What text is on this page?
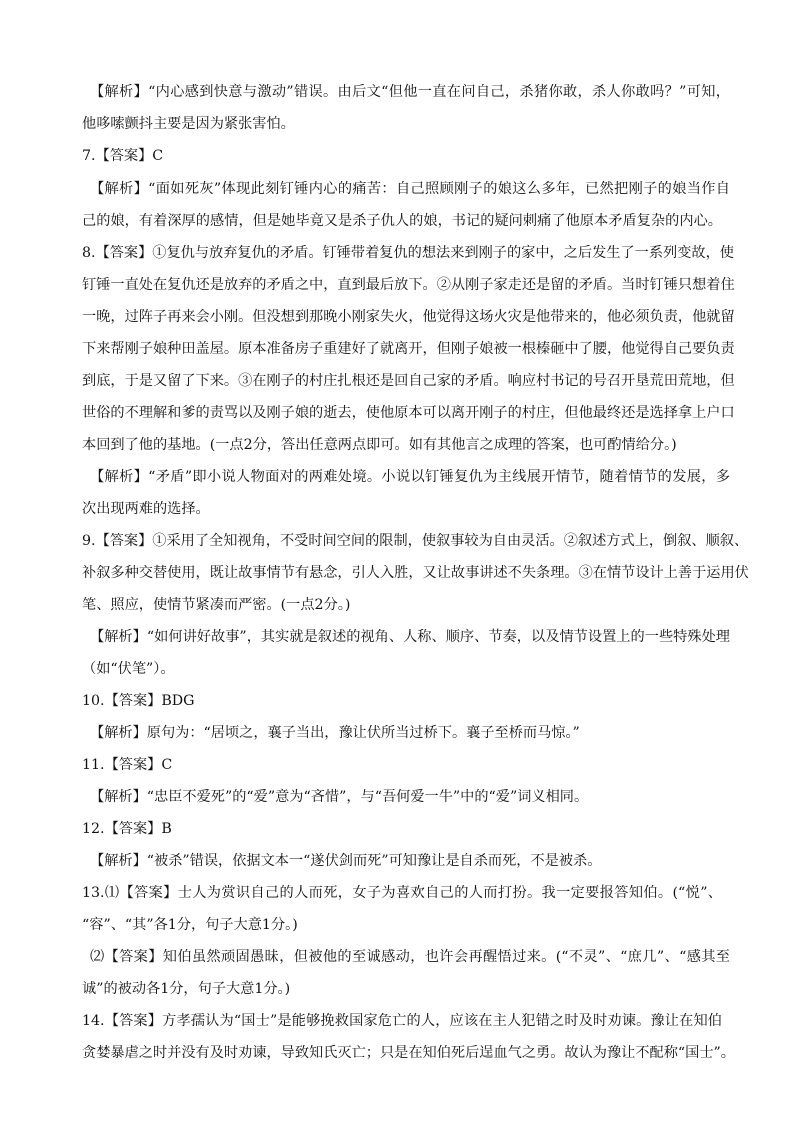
【解析】“内心感到快意与激动”错误。由后文“但他一直在问自己，杀猪你敢，杀人你敢吗？”可知，
他哆嗦颤抖主要是因为紧张害怕。
7.【答案】C
【解析】“面如死灰”体现此刻钉锤内心的痛苦：自己照顾刚子的娘这么多年，已然把刚子的娘当作自
己的娘，有着深厚的感情，但是她毕竟又是杀子仇人的娘，书记的疑问刺痛了他原本矛盾复杂的内心。
8.【答案】①复仇与放弃复仇的矛盾。钉锤带着复仇的想法来到刚子的家中，之后发生了一系列变故，使
钉锤一直处在复仇还是放弃的矛盾之中，直到最后放下。②从刚子家走还是留的矛盾。当时钉锤只想着住
一晚，过阵子再来会小刚。但没想到那晚小刚家失火，他觉得这场火灾是他带来的，他必须负责，他就留
下来帮刚子娘种田盖屋。原本准备房子重建好了就离开，但刚子娘被一根榛砸中了腰，他觉得自己要负责
到底，于是又留了下来。③在刚子的村庄扎根还是回自己家的矛盾。响应村书记的号召开垦荒田荒地，但
世俗的不理解和爹的责骂以及刚子娘的逝去，使他原本可以离开刚子的村庄，但他最终还是选择拿上户口
本回到了他的基地。(一点2分，答出任意两点即可。如有其他言之成理的答案，也可酌情给分。)
【解析】“矛盾”即小说人物面对的两难处境。小说以钉锤复仇为主线展开情节，随着情节的发展，多
次出现两难的选择。
9.【答案】①采用了全知视角，不受时间空间的限制，使叙事较为自由灵活。②叙述方式上，倒叙、顺叙、
补叙多种交替使用，既让故事情节有悬念，引人入胜，又让故事讲述不失条理。③在情节设计上善于运用伏
笔、照应，使情节紧凑而严密。(一点2分。)
【解析】“如何讲好故事”，其实就是叙述的视角、人称、顺序、节奏，以及情节设置上的一些特殊处理
（如“伏笔”）。
10.【答案】BDG
【解析】原句为：“居顷之，襄子当出，豫让伏所当过桥下。襄子至桥而马惊。”
11.【答案】C
【解析】“忠臣不爱死”的“爱”意为“吝惜”，与“吾何爱一牛”中的“爱”词义相同。
12.【答案】B
【解析】“被杀”错误，依据文本一“遂伏剑而死”可知豫让是自杀而死，不是被杀。
13.⑴【答案】士人为赏识自己的人而死，女子为喜欢自己的人而打扮。我一定要报答知伯。(“悦”、
“容”、“其”各1分，句子大意1分。)
⑵【答案】知伯虽然顽固愚昧，但被他的至诚感动，也许会再醒悟过来。(“不灵”、“庶几”、“感其至
诚”的被动各1分，句子大意1分。)
14.【答案】方孝孺认为“国士”是能够挽救国家危亡的人，应该在主人犯错之时及时劝谏。豫让在知伯
贪婪暴虐之时并没有及时劝谏，导致知氏灭亡；只是在知伯死后逞血气之勇。故认为豫让不配称“国士”。
